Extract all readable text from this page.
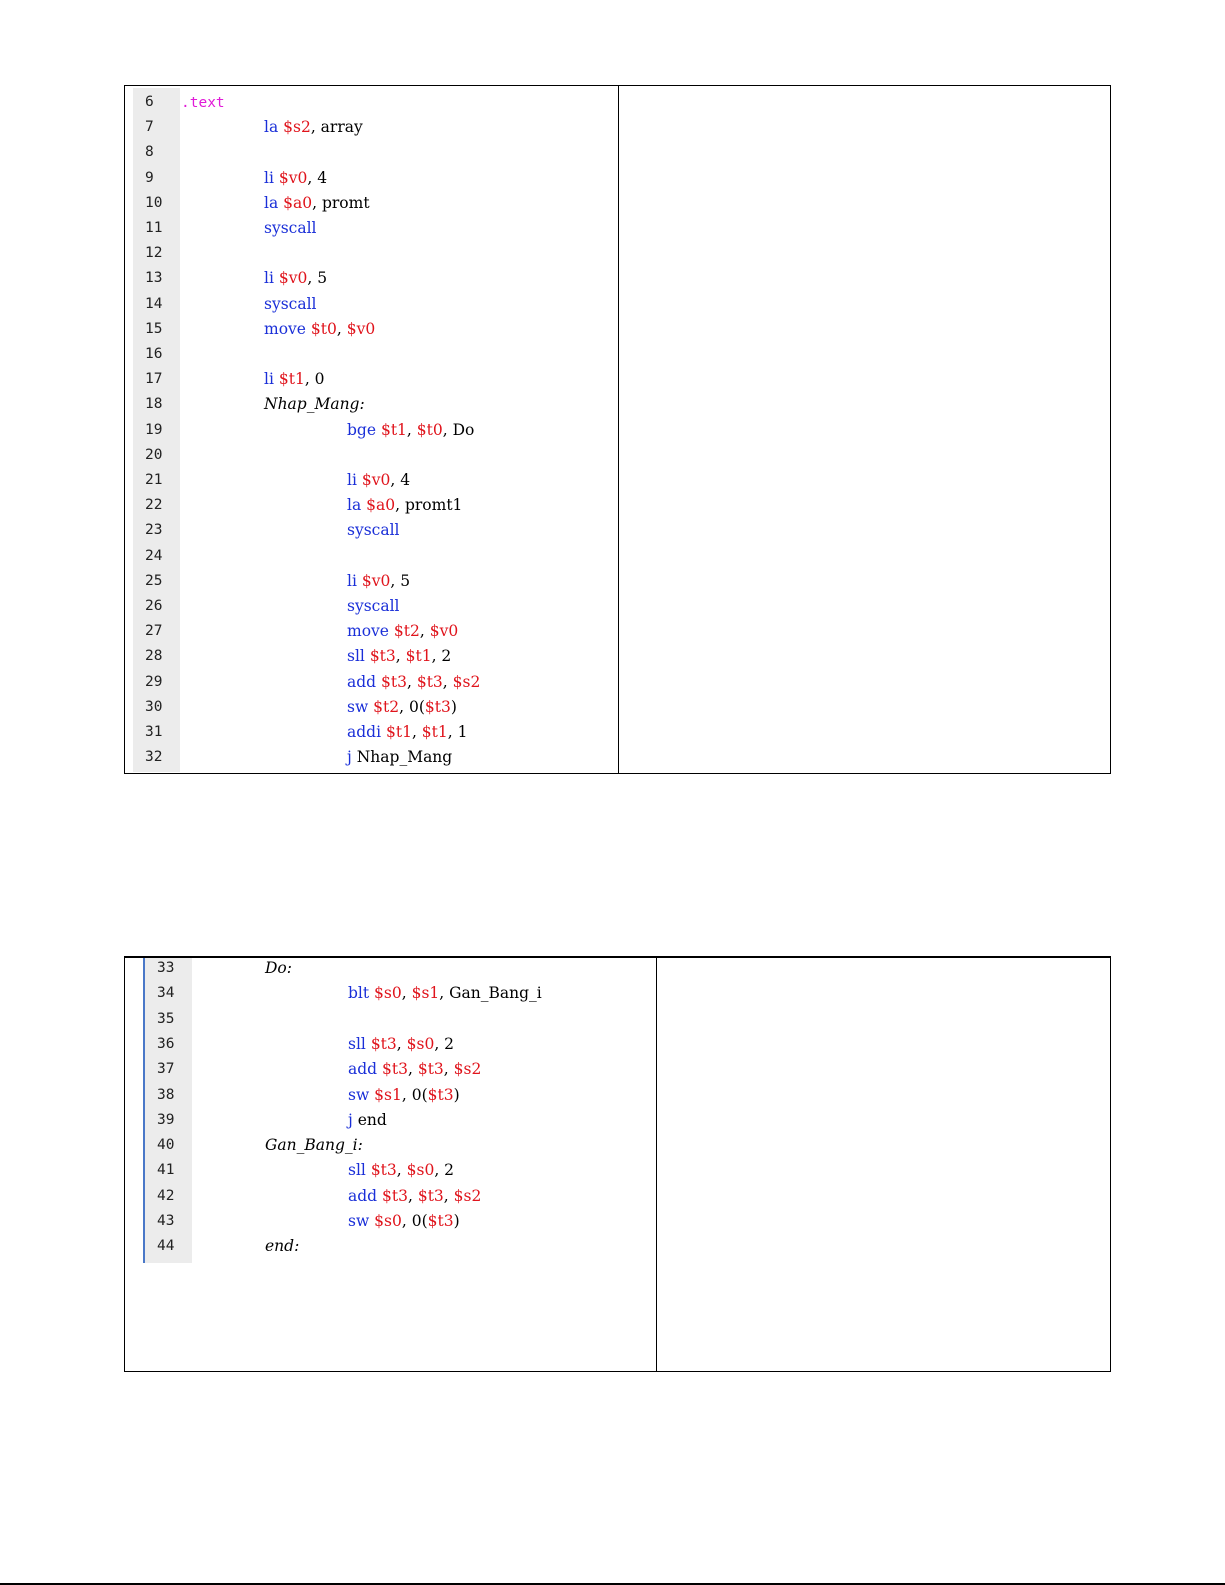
6 .text
7	la $s2, array
8
9	li $v0, 4
10	la $a0, promt
11	syscall
12
13	li $v0, 5
14	syscall
15	move $t0, $v0
16
17	li $t1, 0
18	Nhap_Mang:
19	bge $t1, $t0, Do
20
21	li $v0, 4
22	la $a0, promt1
23	syscall
24
25	li $v0, 5
26	syscall
27	move $t2, $v0
28	sll $t3, $t1, 2
29	add $t3, $t3, $s2
30	sw $t2, 0($t3)
31	addi $t1, $t1, 1
32	j Nhap_Mang
33	Do:
34	blt $s0, $s1, Gan_Bang_i
35
36	sll $t3, $s0, 2
37	add $t3, $t3, $s2
38	sw $s1, 0($t3)
39	j end
40	Gan_Bang_i:
41	sll $t3, $s0, 2
42	add $t3, $t3, $s2
43	sw $s0, 0($t3)
44	end:
